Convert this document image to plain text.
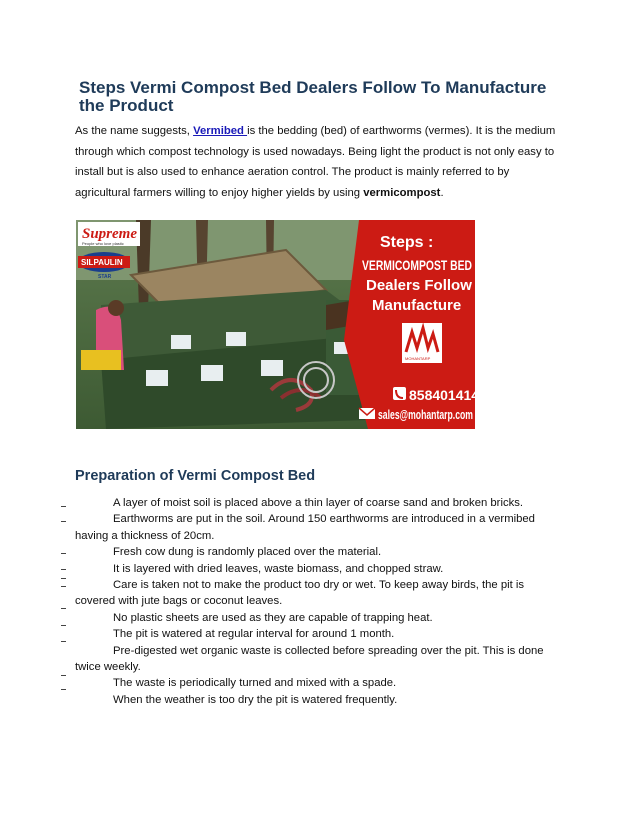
Steps Vermi Compost Bed Dealers Follow To Manufacture the Product

As the name suggests, Vermibed is the bedding (bed) of earthworms (vermes). It is the medium through which compost technology is used nowadays. Being light the product is not only easy to install but is also used to enhance aeration control. The product is mainly referred to by agricultural farmers willing to enjoy higher yields by using vermicompost.

Supreme
People who love plastic
SILPAULIN
STAR
Steps :
VERMICOMPOST BED
Dealers Follow To
Manufacture
MOHANTARP
8584014147
sales@mohantarp.com
Preparation of Vermi Compost Bed

A layer of moist soil is placed above a thin layer of coarse sand and broken bricks.

Earthworms are put in the soil. Around 150 earthworms are introduced in a vermibed having a thickness of 20cm.

Fresh cow dung is randomly placed over the material.

It is layered with dried leaves, waste biomass, and chopped straw.

Care is taken not to make the product too dry or wet. To keep away birds, the pit is covered with jute bags or coconut leaves.

No plastic sheets are used as they are capable of trapping heat.

The pit is watered at regular interval for around 1 month.

Pre-digested wet organic waste is collected before spreading over the pit. This is done twice weekly.

The waste is periodically turned and mixed with a spade.

When the weather is too dry the pit is watered frequently.
